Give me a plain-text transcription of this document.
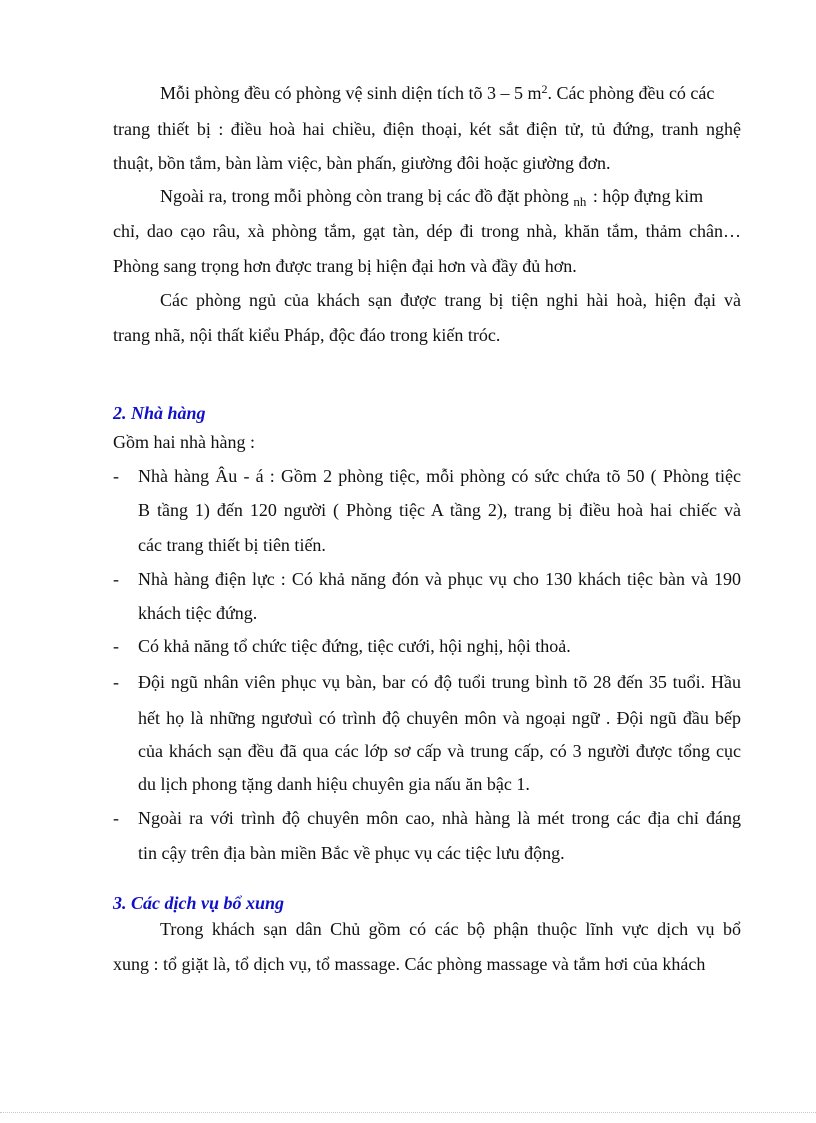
Mỗi phòng đều có phòng vệ sinh diện tích tõ 3 – 5 $m^2$. Các phòng đều có các
trang thiết bị : điều hoà hai chiều, điện thoại, két sắt điện tử, tủ đứng, tranh nghệ
thuật, bồn tắm, bàn làm việc, bàn phấn, giường đôi hoặc giường đơn.
Ngoài ra, trong mỗi phòng còn trang bị các đồ đặt phòng $_{nh}$ : hộp đựng kim
chỉ, dao cạo râu, xà phòng tắm, gạt tàn, dép đi trong nhà, khăn tắm, thảm chân…
Phòng sang trọng hơn được trang bị hiện đại hơn và đầy đủ hơn.
Các phòng ngủ của khách sạn được trang bị tiện nghi hài hoà, hiện đại và
trang nhã, nội thất kiểu Pháp, độc đáo trong kiến tróc.
2. Nhà hàng
Gồm hai nhà hàng :
-	Nhà hàng Âu - á : Gồm 2 phòng tiệc, mỗi phòng có sức chứa tõ 50 ( Phòng tiệc
B tầng 1) đến 120 người ( Phòng tiệc A tầng 2), trang bị điều hoà hai chiếc và
các trang thiết bị tiên tiến.
-	Nhà hàng điện lực : Có khả năng đón và phục vụ cho 130 khách tiệc bàn và 190
khách tiệc đứng.
-	Có khả năng tổ chức tiệc đứng, tiệc cưới, hội nghị, hội thoả.
-	Đội ngũ nhân viên phục vụ bàn, bar có độ tuổi trung bình tõ 28 đến 35 tuổi. Hầu
hết họ là những ngươuì có trình độ chuyên môn và ngoại ngữ . Đội ngũ đầu bếp
của khách sạn đều đã qua các lớp sơ cấp và trung cấp, có 3 người được tổng cục
du lịch phong tặng danh hiệu chuyên gia nấu ăn bậc 1.
-	Ngoài ra với trình độ chuyên môn cao, nhà hàng là mét trong các địa chỉ đáng
tin cậy trên địa bàn miền Bắc về phục vụ các tiệc lưu động.
3. Các dịch vụ bổ xung
Trong khách sạn dân Chủ gồm có các bộ phận thuộc lĩnh vực dịch vụ bổ
xung : tổ giặt là, tổ dịch vụ, tổ massage. Các phòng massage và tắm hơi của khách
